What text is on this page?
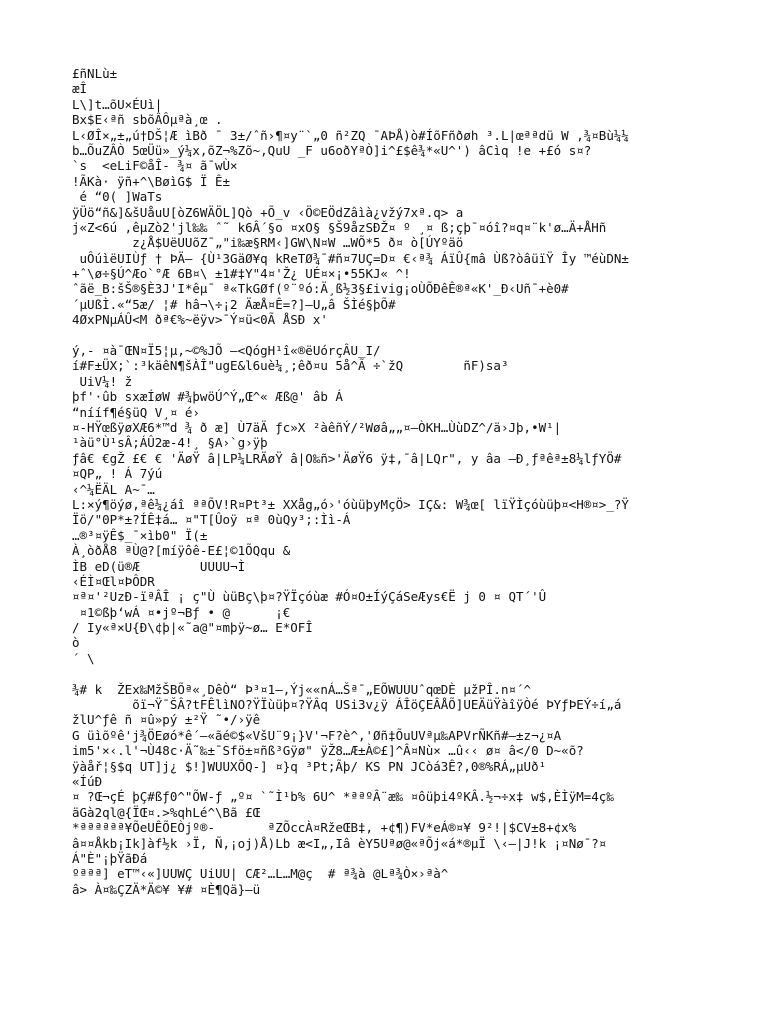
£ñNLù±
æÎ
L\]t…õU×ÉUì|
Bx$E‹ªñ sbõÂÔµªà¸œ .
L‹ØÎ×„±„ú†DŠ¦Æ ìBð ¯ 3±/ˆñ›¶¤y¨`„0 ñ²ZQ ¯AÞÅ)ò#ÍõFñðøh ³.L|œªªdü W ,¾¤Bù¼¼
b…ÕuZÂÒ 5œÜü»_ý¼x,õZ¬%Zõ~,QuU _F u6oðYªÒ]i^£$ê¾*«U^') âCìq !e +£ó s¤?
`s  <eLiF©åÎ- ¾¤ ã¯wÙ×
!ÃKà· ÿñ+^\BøìG$ Ï Ê±
é “0( ]WaTs
ÿÜö“ñ&]&šUåuU[òZ6WÄÖL]Qò +Õ_v ‹Ö©EÖdZâìà¿vžý7xª.q> a
j«Z<6ú ,êµZò2'jl‰‰ ˆ˜ k6Â´§o ¤xO§ §Š9åzSÐŽ¤ º ¸¤ ß;çþ¯¤óî?¤q¤¨k'ø…Ä+ÅHñ
z¿Å$UëUUõZ¯„"i‰æ§RM‹]GW\N¤W …WÕ*5 ð¤ ò[ÚYºäö
uÔúìëUIÙƒ † ÞÄ— {Ù¹3GäØ¥q kReTØ¾¯#ñ¤7UÇ=D¤ €‹ª¾ ÁïÛ{mâ Ùß?òâüïŸ Îy ™éùDN±
+ˆ\ø÷§Ú^Æo`°Æ 6B¤\ ±1#‡Y"4¤'Ž¿ UÉ¤×¡•55KJ« ^!
ˆãë_B:šŠ®§È3J'I*êµ¯ ª«TkGØf(º¨ºó:Ä¸ß½3§£ivig¡oÙÕÐêÊ®ª«K'_Ð‹Uñ¯+è0#
´µUßÌ.«“5æ/ ¦# hâ¬\÷¡2 ÄæÅ¤Ê=?]—U„â ŠÌé§þÕ#
4ØxPNµÁÛ<M ðª€%~ëÿv>¯Ý¤ü<0Ã ÅSÐ x'
ý,- ¤à¯ŒN¤Ï5¦µ,~©%JÕ —<QógH¹î«®ëUórçÂU_I/
í#F±ÜX;`:³käêN¶šÀÎ"ugE&l6uè¼¸;êð¤u 5å^Ã ÷`žQ        ñF)sa³
UiV¼! ž
þf'·ûb sxæÍøW #¾þwöÚ^Ý„Œ^« Æß@' âb Á
“nííf¶é§üQ V¸¤ é›
¤-HŸœßÿøXÆ6*™d ¾ ð æ] Ù7äÄ ƒc»X ²àêñÝ/²Wøâ„„¤—ÒKH…ÙùDZ^/ä›Jþ,•W¹|
¹àü°Ù¹sÂ;ÁÛ2æ-4!¸ §A›`g›ÿþ
ƒâ€ €gŽ £€ € 'ÄøŸ â|LP¼LRÄøŸ â|O‰ñ>'ÄøŸ6 ÿ‡,¯â|LQr", y âa —Ð¸ƒªêª±8¼lƒYÖ#
¤QP„ ! Á 7ýú
‹^¼ËÄL A~¯…
L:×ý¶öýø,ªê¼¿áî ªªÕV!R¤Pt³± XXåg„ó›'óùüþyMçÖ> IÇ&: W¾œ[ lïŸÌçóùüþ¤<H®¤>_?Ÿ
Ïö/"0P*±?ÍÊ‡á… ¤"T[Ûoÿ ¤ª 0ùQy³;:Ìì-Á
…®³¤ÿÊ$_¯×ìb0" Ï(±
À¸òðÅ8 ªÙ@?[míÿôê-E£¦©1ÕQqu &
ÌB eD(ü®Æ        UUUU¬Ì
‹ÉÌ¤Œl¤ÞÔDR
¤ª¤'²UzÐ-ïªÂÎ ¡ ç"Ù ùüBç\þ¤?ŸÏçóùæ #Ó¤O±ÍýÇáSeÆys€Ë j 0 ¤ QT´'Û
¤1©ßþ‘wÁ ¤•jº¬Bƒ • @      ¡€
/ Iy«ª×U{Ð\¢þ|«˜a@"¤mþÿ~ø… E*OFÎ
ò
´ \
¾# k  ŽEx‰MžŠBÕª«¸DêÒ“ Þ³¤1—,Ýj««nÁ…Šª¯„EÕWUUUˆqœDÈ µžPÎ.n¤´^
õï¬Ÿ¯ŠÂ?tFÊlìNO?ŸÏùüþ¤?ŸÂq USi3v¿ÿ ÁÎöÇEÂÅÕ]UEÄüŸàîÿÒé ÞYƒÞEÝ÷í„á
žlU^ƒê ñ ¤û»pý ±²Ÿ ˜•/›ÿê
G üìõºê'j¾ÖEøó*ê´–«ãé©$«VšU¨9¡}V'¬F?è^,'Øñ‡ÕuUVªµ‰APVrÑKñ#–±z¬¿¤A
im5'×‹.l'¬Ù48c·Ä˜‰±¯Sfö±¤ñß³Gÿø" ÿŽ8…Æ±À©£]^Â¤Nù× …û‹‹ ø¤ â</0 D~«õ?
ÿàåř¦§$q UT]j¿ $!]WUUXÕQ-] ¤}q ³Pt;Ãþ/ KS PN JCòá3Ê?,0®%RÁ„µUð¹
«ÍúÐ
¤ ?Œ¬çÉ þÇ#ßƒ0^"ÕW-ƒ „º¤ `˜Ì¹b% 6U^ *ªªºÂ¨æ‰ ¤ôüþi4ºKÂ.½¬÷x‡ w$,ÈÌÿM=4ç‰
äGà2ql@{ÏŒ¤.>%qhLé^\Bã £Œ
*ªªªªªª¥ÕeUÊÕEÒjº®-       ªZÕccÀ¤RžeŒB‡, +¢¶)FV*eÁ®¤¥ 9²!|$CV±8+¢x%
â¤¤Åkb¡Ik]àf½k ›Ï, Ñ,¡oj)Å)Lb æ<I„,Iâ èY5Uªø@«ªÕj«á*®µÏ \‹—|J!k ¡¤Nø¯?¤
Á"È"¡þŸãÐá
ºªªª] eT™‹«]UUWÇ UiUU| CÆ²…L…M@ç  # ª¾à @Lª¾Ò×›ªà^
â> À¤‰ÇZÄ*Ä©¥ ¥# ¤È¶Qä}—ü
